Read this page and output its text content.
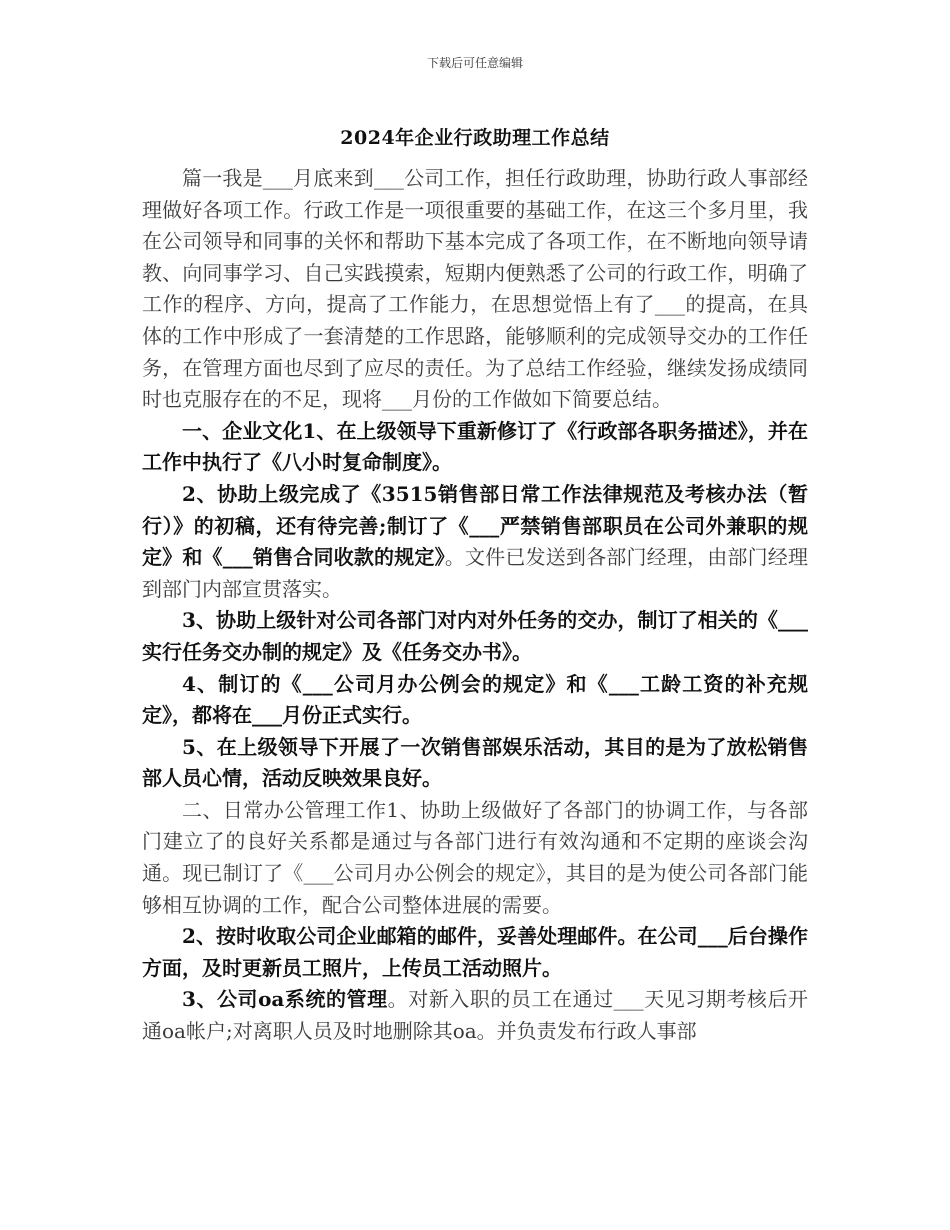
下载后可任意编辑
2024年企业行政助理工作总结

篇一我是___月底来到___公司工作，担任行政助理，协助行政人事部经理做好各项工作。行政工作是一项很重要的基础工作，在这三个多月里，我在公司领导和同事的关怀和帮助下基本完成了各项工作，在不断地向领导请教、向同事学习、自己实践摸索，短期内便熟悉了公司的行政工作，明确了工作的程序、方向，提高了工作能力，在思想觉悟上有了___的提高，在具体的工作中形成了一套清楚的工作思路，能够顺利的完成领导交办的工作任务，在管理方面也尽到了应尽的责任。为了总结工作经验，继续发扬成绩同时也克服存在的不足，现将___月份的工作做如下简要总结。

一、企业文化1、在上级领导下重新修订了《行政部各职务描述》，并在工作中执行了《八小时复命制度》。

2、协助上级完成了《3515销售部日常工作法律规范及考核办法（暂行）》的初稿，还有待完善;制订了《___严禁销售部职员在公司外兼职的规定》和《___销售合同收款的规定》。文件已发送到各部门经理，由部门经理到部门内部宣贯落实。

3、协助上级针对公司各部门对内对外任务的交办，制订了相关的《___实行任务交办制的规定》及《任务交办书》。

4、制订的《___公司月办公例会的规定》和《___工龄工资的补充规定》，都将在___月份正式实行。

5、在上级领导下开展了一次销售部娱乐活动，其目的是为了放松销售部人员心情，活动反映效果良好。

二、日常办公管理工作1、协助上级做好了各部门的协调工作，与各部门建立了的良好关系都是通过与各部门进行有效沟通和不定期的座谈会沟通。现已制订了《___公司月办公例会的规定》，其目的是为使公司各部门能够相互协调的工作，配合公司整体进展的需要。

2、按时收取公司企业邮箱的邮件，妥善处理邮件。在公司___后台操作方面，及时更新员工照片，上传员工活动照片。

3、公司oa系统的管理。对新入职的员工在通过___天见习期考核后开通oa帐户;对离职人员及时地删除其oa。并负责发布行政人事部
